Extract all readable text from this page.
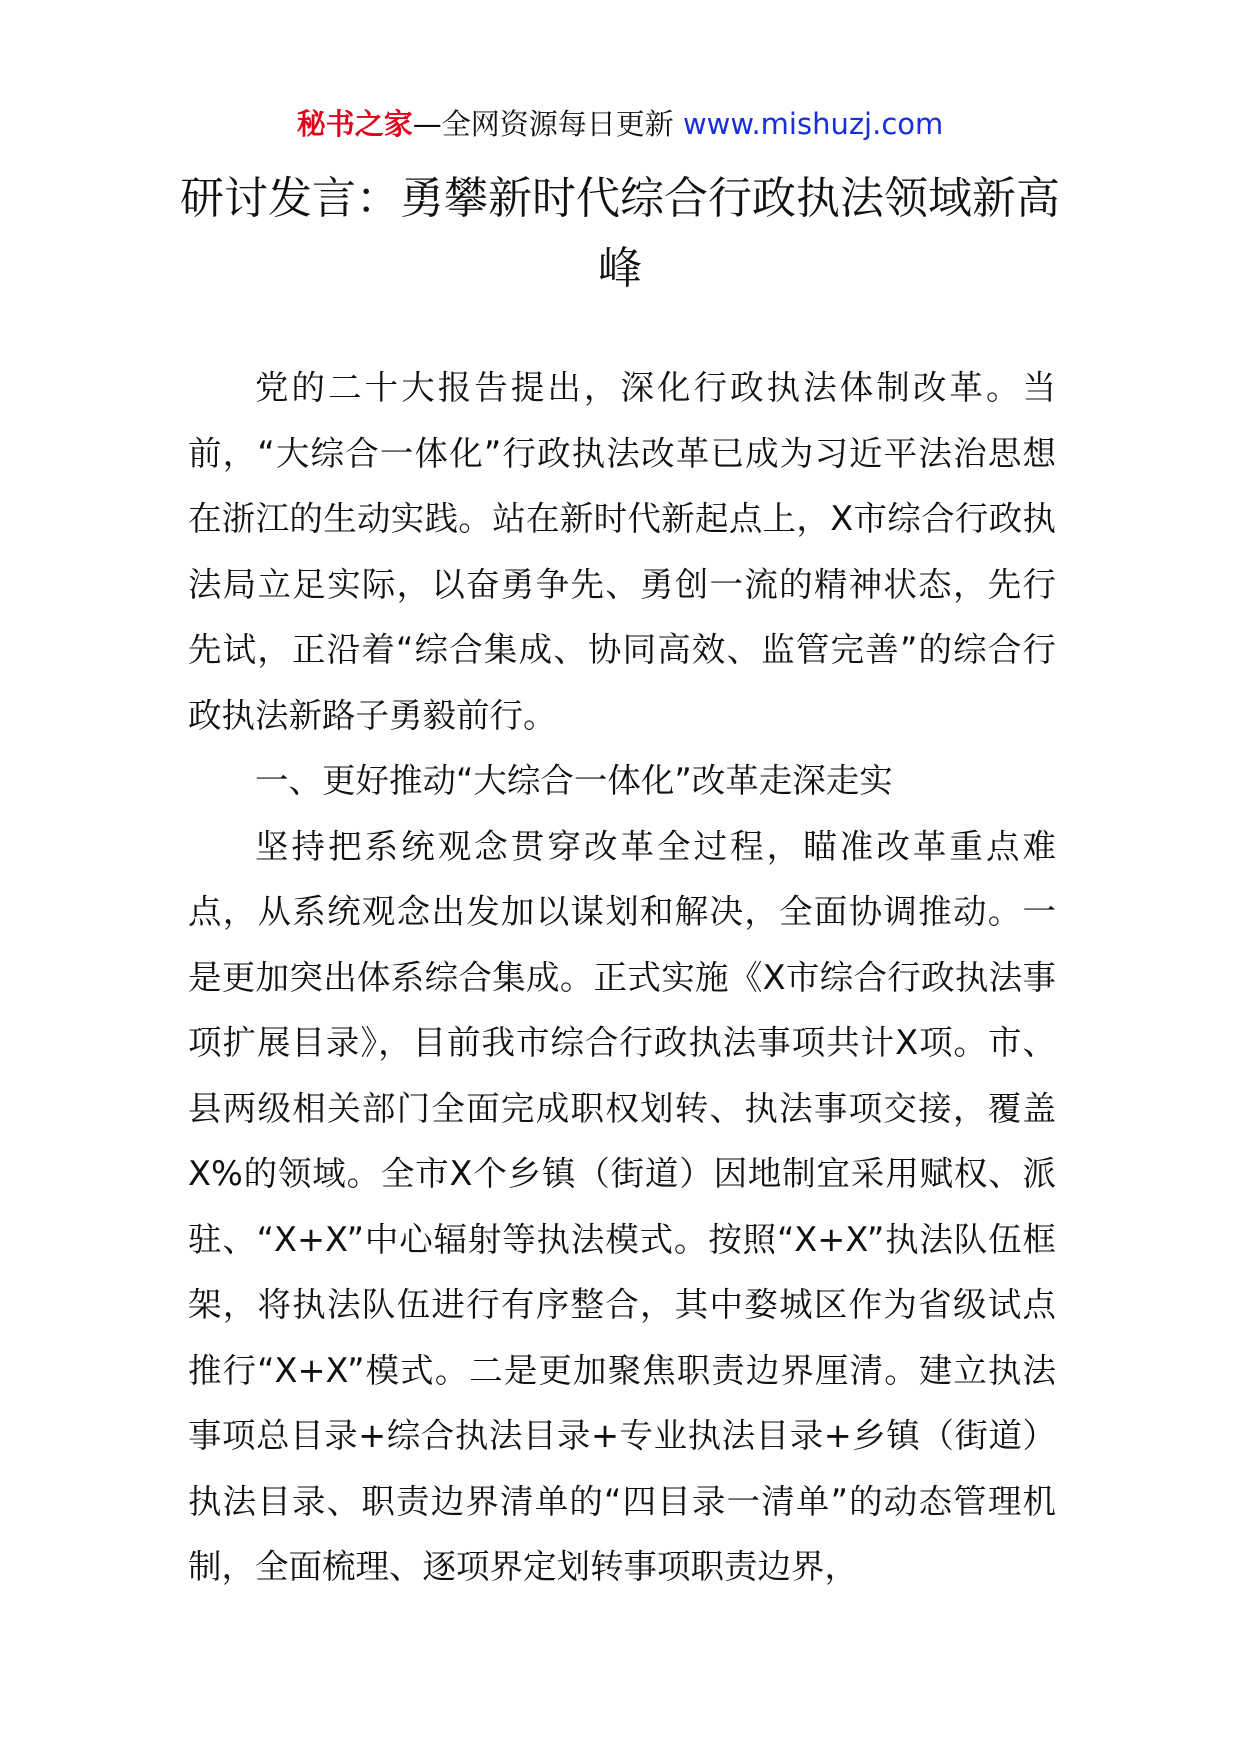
秘书之家—全网资源每日更新 www.mishuzj.com
研讨发言：勇攀新时代综合行政执法领域新高峰

党的二十大报告提出，深化行政执法体制改革。当前，“大综合一体化”行政执法改革已成为习近平法治思想在浙江的生动实践。站在新时代新起点上，X市综合行政执法局立足实际，以奋勇争先、勇创一流的精神状态，先行先试，正沿着“综合集成、协同高效、监管完善”的综合行政执法新路子勇毅前行。

一、更好推动“大综合一体化”改革走深走实

坚持把系统观念贯穿改革全过程，瞄准改革重点难点，从系统观念出发加以谋划和解决，全面协调推动。一是更加突出体系综合集成。正式实施《X市综合行政执法事项扩展目录》，目前我市综合行政执法事项共计X项。市、县两级相关部门全面完成职权划转、执法事项交接，覆盖X%的领域。全市X个乡镇（街道）因地制宜采用赋权、派驻、“X+X”中心辐射等执法模式。按照“X+X”执法队伍框架，将执法队伍进行有序整合，其中婺城区作为省级试点推行“X+X”模式。二是更加聚焦职责边界厘清。建立执法事项总目录+综合执法目录+专业执法目录+乡镇（街道）执法目录、职责边界清单的“四目录一清单”的动态管理机制，全面梳理、逐项界定划转事项职责边界，
